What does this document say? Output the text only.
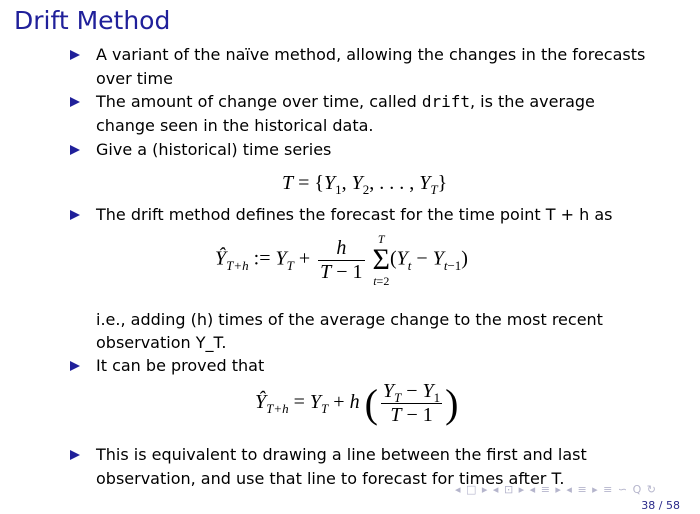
Drift Method
A variant of the naïve method, allowing the changes in the forecasts
over time
The amount of change over time, called drift, is the average
change seen in the historical data.
Give a (historical) time series
$T = \{Y_1$, $Y_2$, . . . , $Y_T$}
The drift method defines the forecast for the time point T + h as
$Ŷ_{T+h}$ := $Y_T + \frac{h}{T - 1}$
	T
Σ
t=2
$(Y_t - Y_{t-1})$
i.e., adding (h) times of the average change to the most recent
observation Y_T.
It can be proved that
$Ŷ_{T+h} = Y_T + h$ ( $\frac{Y_T - Y_1}{T - 1}$ )
This is equivalent to drawing a line between the first and last
observation, and use that line to forecast for times after T.
◂ □ ▸ ◂ ⊡ ▸ ◂ ≡ ▸ ◂ ≡ ▸ ≡ ∽ Q ↻
38 / 58
